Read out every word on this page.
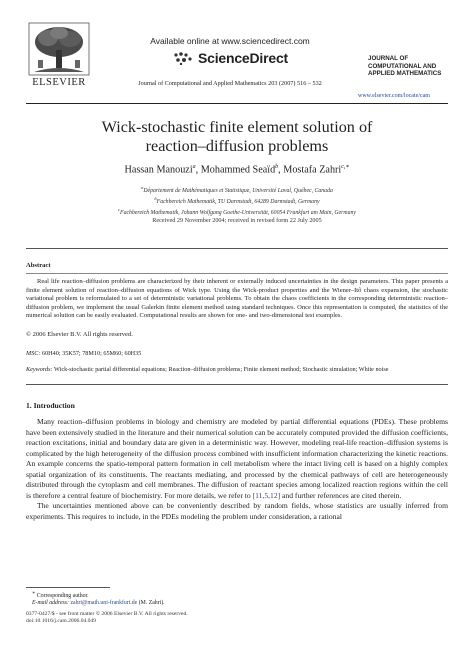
ELSEVIER
Available online at www.sciencedirect.com
ScienceDirect
Journal of Computational and Applied Mathematics 203 (2007) 516 – 532
JOURNAL OF
COMPUTATIONAL AND
APPLIED MATHEMATICS
www.elsevier.com/locate/cam
Wick-stochastic finite element solution of
reaction–diffusion problems
Hassan Manouzi$^a$, Mohammed Seaïd$^b$, Mostafa Zahri$^{c,∗}$
$^a$Département de Mathématiques et Statistique, Université Laval, Québec, Canada
$^b$Fachbereich Mathematik, TU Darmstadt, 64289 Darmstadt, Germany
$^c$Fachbereich Mathematik, Johann Wolfgang Goethe-Universität, 60054 Frankfurt am Main, Germany
Received 29 November 2004; received in revised form 22 July 2005
Abstract

Real life reaction–diffusion problems are characterized by their inherent or externally induced uncertainties in the design parameters. This paper presents a finite element solution of reaction–diffusion equations of Wick type. Using the Wick-product properties and the Wiener–Itô chaos expansion, the stochastic variational problem is reformulated to a set of deterministic variational problems. To obtain the chaos coefficients in the corresponding deterministic reaction–diffusion problem, we implement the usual Galerkin finite element method using standard techniques. Once this representation is computed, the statistics of the numerical solution can be easily evaluated. Computational results are shown for one- and two-dimensional test examples.

© 2006 Elsevier B.V. All rights reserved.
MSC: 60H40; 35K57; 78M10; 65M60; 60H35
Keywords: Wick-stochastic partial differential equations; Reaction–diffusion problems; Finite element method; Stochastic simulation; White noise
1. Introduction

Many reaction–diffusion problems in biology and chemistry are modeled by partial differential equations (PDEs). These problems have been extensively studied in the literature and their numerical solution can be accurately computed provided the diffusion coefficients, reaction excitations, initial and boundary data are given in a deterministic way. However, modeling real-life reaction–diffusion systems is complicated by the high heterogeneity of the diffusion process combined with insufficient information characterizing the kinetic reactions. An example concerns the spatio-temporal pattern formation in cell metabolism where the intact living cell is based on a highly complex spatial organization of its constituents. The reactants mediating, and processed by the chemical pathways of cell are heterogeneously distributed through the cytoplasm and cell membranes. The diffusion of reactant species among localized reaction regions within the cell is therefore a central feature of biochemistry. For more details, we refer to [11,5,12] and further references are cited therein.

The uncertainties mentioned above can be conveniently described by random fields, whose statistics are usually inferred from experiments. This requires to include, in the PDEs modeling the problem under consideration, a rational

∗ Corresponding author.
E-mail address: zahri@math.uni-frankfurt.de (M. Zahri).
0377-0427/$ - see front matter © 2006 Elsevier B.V. All rights reserved.
doi:10.1016/j.cam.2006.04.049
